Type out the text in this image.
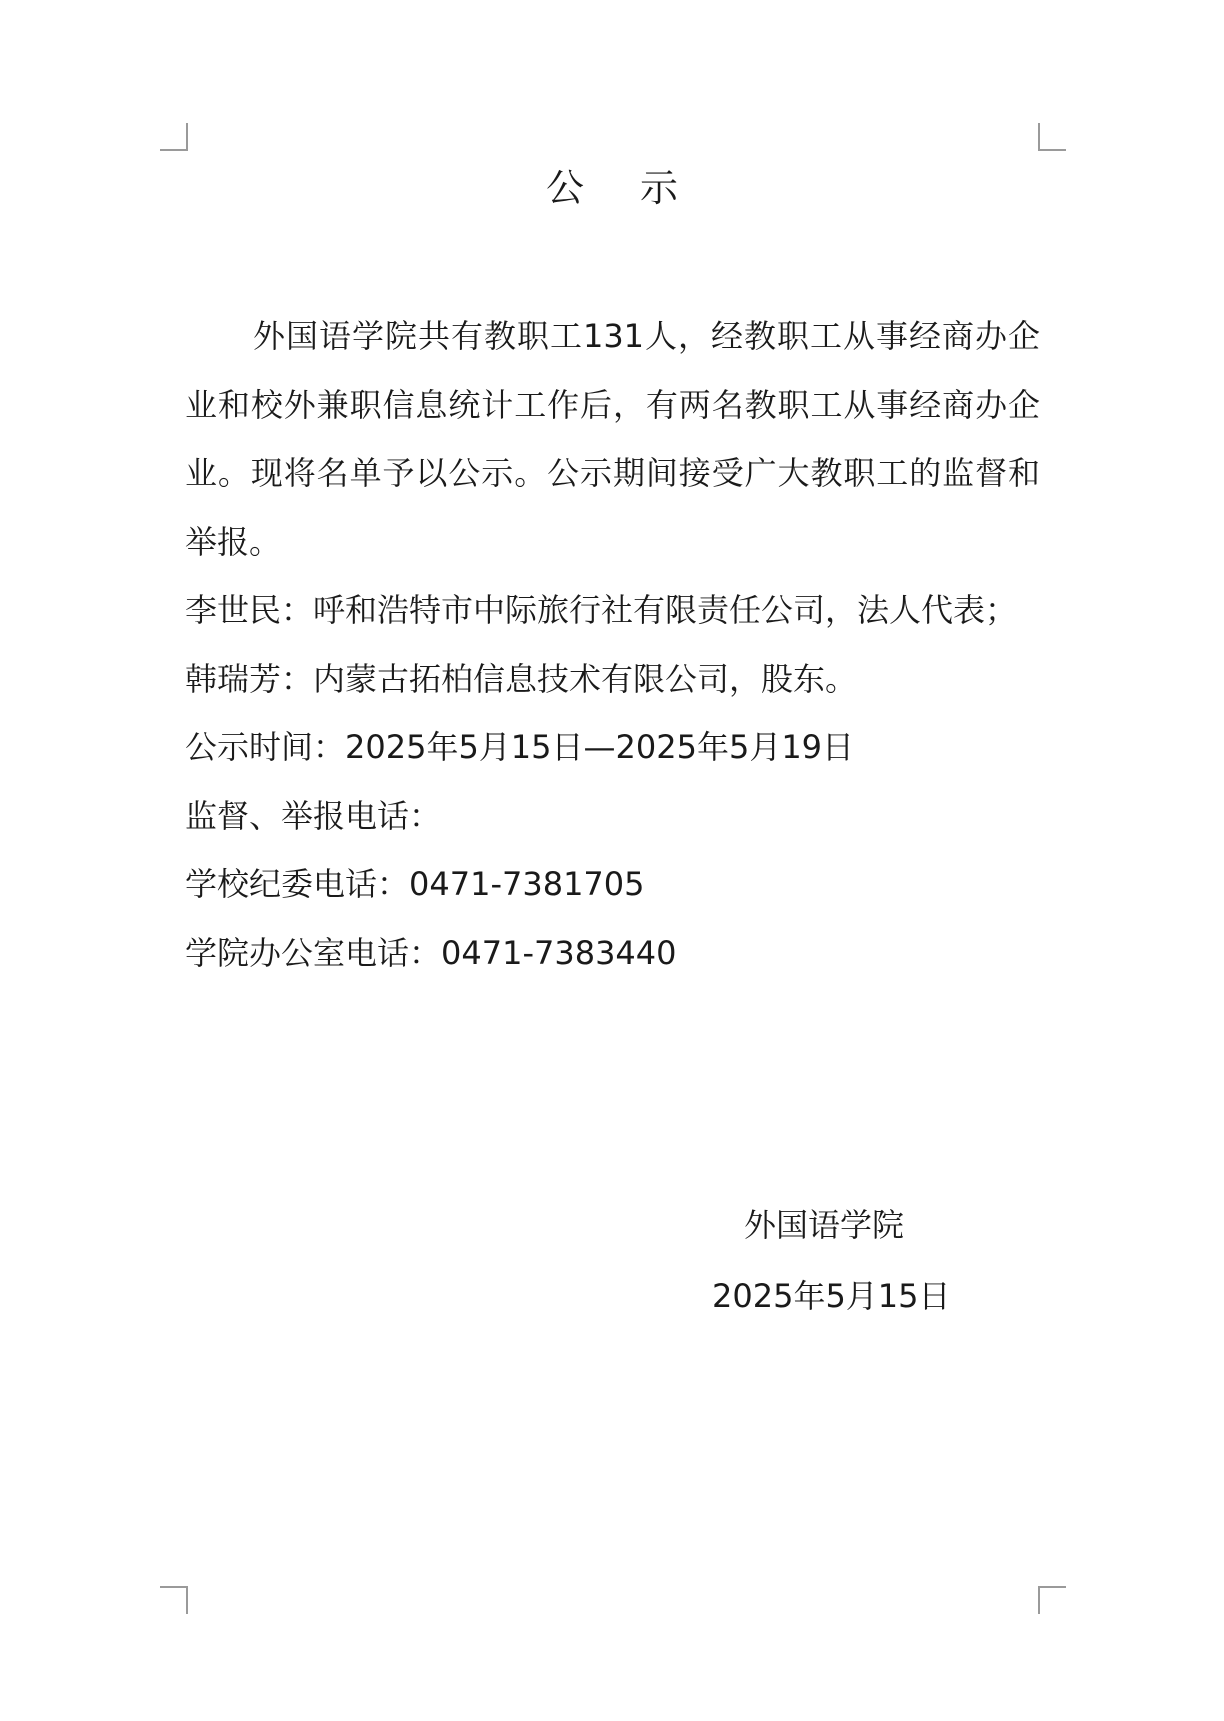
公 示

外国语学院共有教职工131人，经教职工从事经商办企业和校外兼职信息统计工作后，有两名教职工从事经商办企业。现将名单予以公示。公示期间接受广大教职工的监督和举报。

李世民：呼和浩特市中际旅行社有限责任公司，法人代表；

韩瑞芳：内蒙古拓柏信息技术有限公司，股东。

公示时间：2025年5月15日—2025年5月19日

监督、举报电话：

学校纪委电话：0471-7381705

学院办公室电话：0471-7383440

外国语学院
2025年5月15日
